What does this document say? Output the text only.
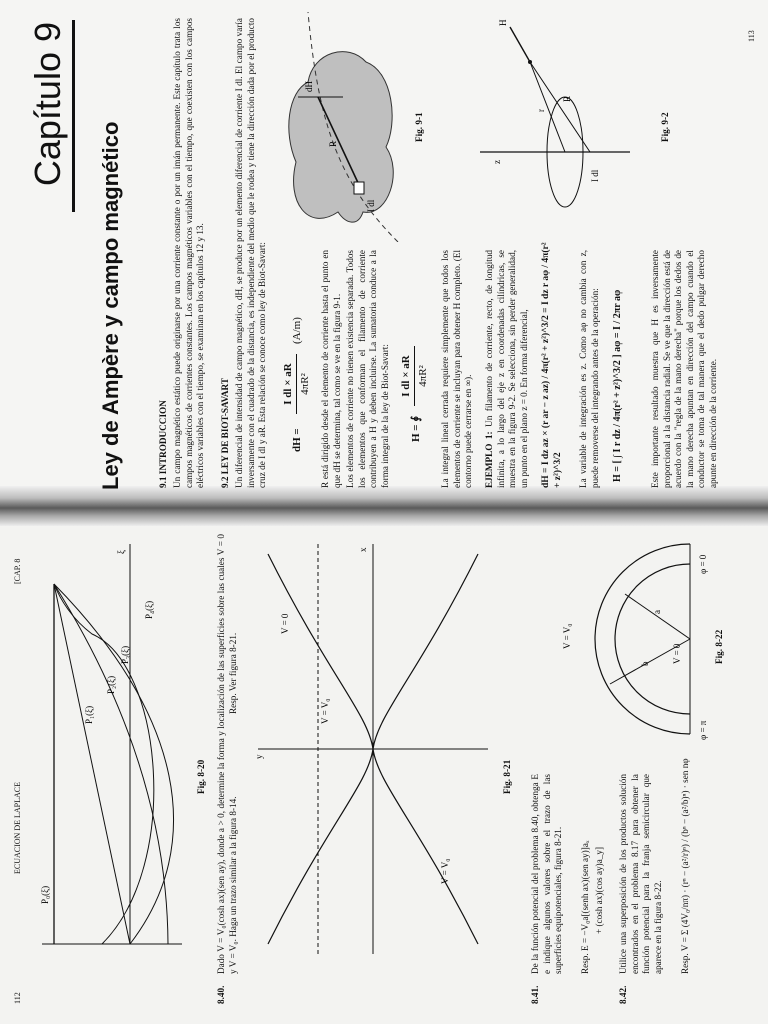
Capítulo 9
Ley de Ampère y campo magnético	9.1 INTRODUCCION Un campo magnético estático puede originarse por una corriente constante o por un imán permanente. Este capítulo trata los campos magnéticos de corrientes constantes. Los campos magnéticos variables con el tiempo, que coexisten con los campos eléctricos variables con el tiempo, se examinan en los capítulos 12 y 13. 9.2 LEY DE BIOT-SAVART Un diferencial de intensidad de campo magnético, dH, se produce por un elemento diferencial de corriente I dl. El campo varía inversamente con el cuadrado de la distancia, es independiente del medio que le rodea y tiene la dirección dada por el producto cruz de I dl y aR. Esta relación se conoce como ley de Biot-Savart: dH =
I dl × aR 4πR²
(A/m)
I dl
R
dH
Fig. 9-1
R está dirigido desde el elemento de corriente hasta el punto en que dH se determina, tal como se ve en la figura 9-1. Los elementos de corriente no tienen existencia separada. Todos los elementos que conforman el filamento de corriente contribuyen a H y deben incluirse. La sumatoria conduce a la forma integral de la ley de Biot-Savart: H = ∮
I dl × aR 4πR² La integral lineal cerrada requiere simplemente que todos los elementos de corriente se incluyan para obtener H completo. (El contorno puede cerrarse en ∞). EJEMPLO 1: Un filamento de corriente, recto, de longitud infinita, a lo largo del eje z en coordenadas cilíndricas, se muestra en la figura 9-2. Se selecciona, sin perder generalidad, un punto en el plano z = 0. En forma diferencial, dH = I dz az × (r ar − z az) / 4π(r² + z²)^3/2 = I dz r aφ / 4π(r² + z²)^3/2 La variable de integración es z. Como aφ no cambia con z, puede removerse del integrando antes de la operación: H = [ ∫ I r dz / 4π(r² + z²)^3/2 ] aφ = I / 2πr aφ	Este importante resultado muestra que H es inversamente proporcional a la distancia radial. Se ve que la dirección está de acuerdo con la "regla de la mano derecha" porque los dedos de la mano derecha apuntan en dirección del campo cuando el conductor se toma de tal manera que el dedo pulgar derecho apunte en dirección de la corriente.
z
I dl
R
H
r
Fig. 9-2
113
112
ECUACION DE LAPLACE
[CAP. 8
P₀(ξ)
P₁(ξ)
P₂(ξ)
P₃(ξ)
P₄(ξ)
ξ
Fig. 8-20
8.40.
Dado V = V₀(cosh ax)(sen ay), donde a > 0, determine la forma y localización de las superficies sobre las cuales V = 0 y V = V₀. Haga un trazo similar a la figura 8-14.
Resp. Ver figura 8-21.
V = 0
V = V₀
V = V₀
x
y
Fig. 8-21
8.41.
De la función potencial del problema 8.40, obtenga E e indique algunos valores sobre el trazo de las superficies equipotenciales, figura 8-21. Resp. E = −V₀a[(senh ax)(sen ay)]aₓ + (cosh ax)(cos ay)a_y]
8.42.
Utilice una superposición de los productos solución encontrados en el problema 8.17 para obtener la función potencial para la franja semicircular que aparece en la figura 8-22. Resp. V = Σ (4V₀/nπ) · (rⁿ − (a²/r)ⁿ) / (bⁿ − (a²/b)ⁿ) · sen nφ
a
b
V = V₀
φ = 0
φ = π
V = 0	Fig. 8-22
